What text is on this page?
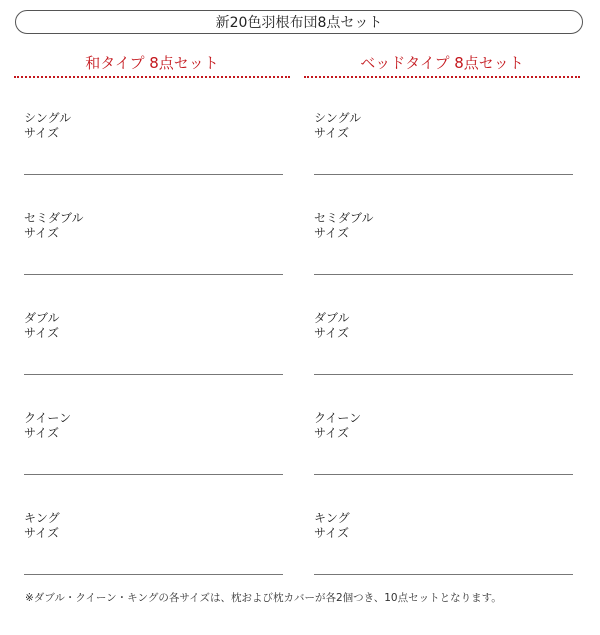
新20色羽根布団8点セット
和タイプ 8点セット	ベッドタイプ 8点セット
シングル
サイズ
セミダブル
サイズ
ダブル
サイズ
クイーン
サイズ
キング
サイズ
シングル
サイズ
セミダブル
サイズ
ダブル
サイズ
クイーン
サイズ
キング
サイズ
※ダブル・クイーン・キングの各サイズは、枕および枕カバーが各2個つき、10点セットとなります。
